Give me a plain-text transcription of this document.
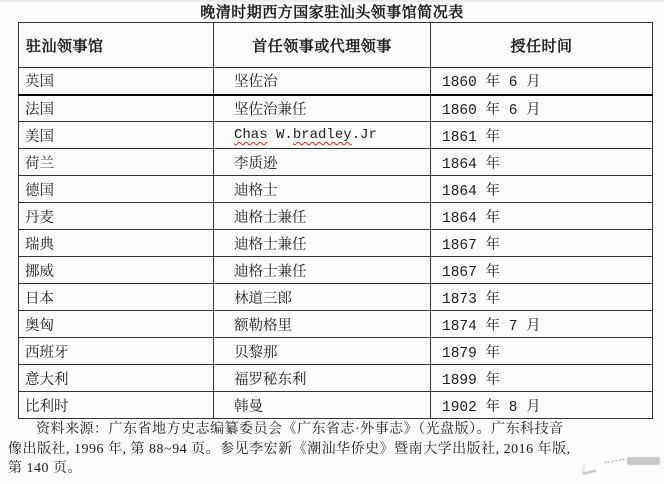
晚清时期西方国家驻汕头领事馆简况表
驻汕领事馆	首任领事或代理领事	授任时间
英国	坚佐治	1860 年 6 月
法国	坚佐治兼任	1860 年 6 月
美国	Chas W.bradley.Jr	1861 年
荷兰	李质逊	1864 年
德国	迪格士	1864 年
丹麦	迪格士兼任	1864 年
瑞典	迪格士兼任	1867 年
挪威	迪格士兼任	1867 年
日本	林道三郎	1873 年
奥匈	额勒格里	1874 年 7 月
西班牙	贝黎那	1879 年
意大利	福罗秘东利	1899 年
比利时	韩曼	1902 年 8 月
资料来源：广东省地方史志编纂委员会《广东省志·外事志》（光盘版）。广东科技音
像出版社, 1996 年, 第 88~94 页。参见李宏新《潮汕华侨史》暨南大学出版社, 2016 年版,
第 140 页。
